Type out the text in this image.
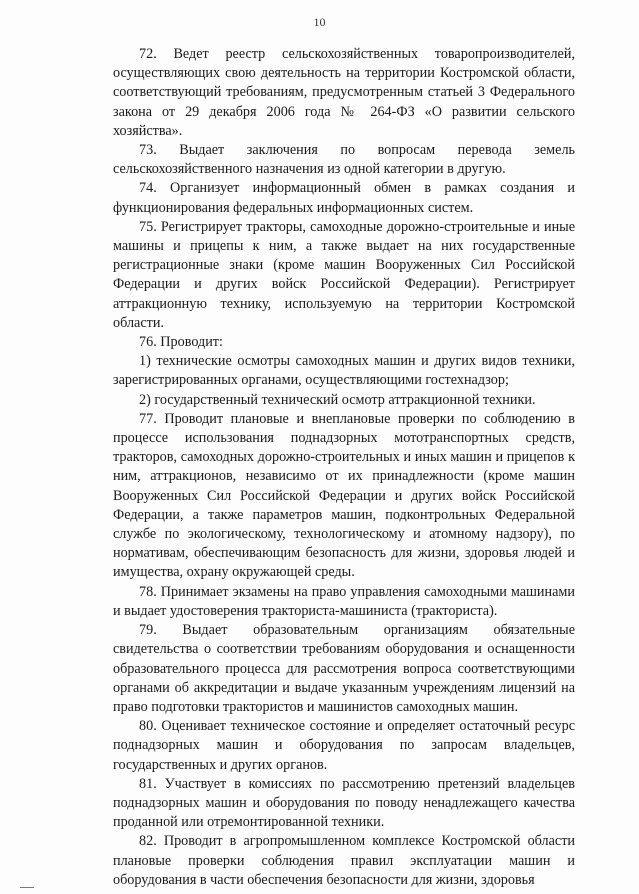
10

72. Ведет реестр сельскохозяйственных товаропроизводителей, осуществляющих свою деятельность на территории Костромской области, соответствующий требованиям, предусмотренным статьей 3 Федерального закона от 29 декабря 2006 года № 264-ФЗ «О развитии сельского хозяйства».

73. Выдает заключения по вопросам перевода земель сельскохозяйственного назначения из одной категории в другую.

74. Организует информационный обмен в рамках создания и функционирования федеральных информационных систем.

75. Регистрирует тракторы, самоходные дорожно-строительные и иные машины и прицепы к ним, а также выдает на них государственные регистрационные знаки (кроме машин Вооруженных Сил Российской Федерации и других войск Российской Федерации). Регистрирует аттракционную технику, используемую на территории Костромской области.

76. Проводит:

1) технические осмотры самоходных машин и других видов техники, зарегистрированных органами, осуществляющими гостехнадзор;

2) государственный технический осмотр аттракционной техники.

77. Проводит плановые и внеплановые проверки по соблюдению в процессе использования поднадзорных мототранспортных средств, тракторов, самоходных дорожно-строительных и иных машин и прицепов к ним, аттракционов, независимо от их принадлежности (кроме машин Вооруженных Сил Российской Федерации и других войск Российской Федерации, а также параметров машин, подконтрольных Федеральной службе по экологическому, технологическому и атомному надзору), по нормативам, обеспечивающим безопасность для жизни, здоровья людей и имущества, охрану окружающей среды.

78. Принимает экзамены на право управления самоходными машинами и выдает удостоверения тракториста-машиниста (тракториста).

79. Выдает образовательным организациям обязательные свидетельства о соответствии требованиям оборудования и оснащенности образовательного процесса для рассмотрения вопроса соответствующими органами об аккредитации и выдаче указанным учреждениям лицензий на право подготовки трактористов и машинистов самоходных машин.

80. Оценивает техническое состояние и определяет остаточный ресурс поднадзорных машин и оборудования по запросам владельцев, государственных и других органов.

81. Участвует в комиссиях по рассмотрению претензий владельцев поднадзорных машин и оборудования по поводу ненадлежащего качества проданной или отремонтированной техники.

82. Проводит в агропромышленном комплексе Костромской области плановые проверки соблюдения правил эксплуатации машин и оборудования в части обеспечения безопасности для жизни, здоровья
